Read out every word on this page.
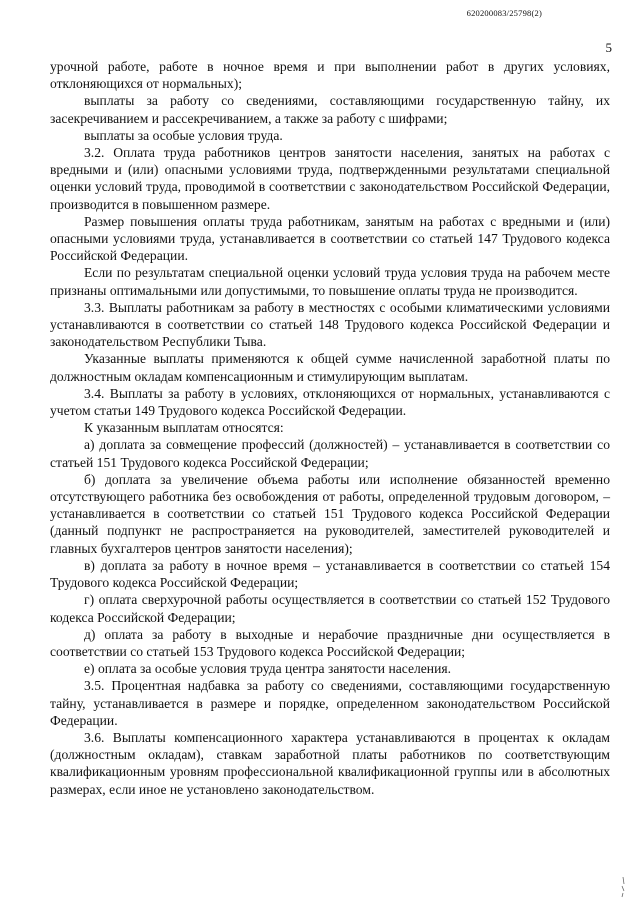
620200083/25798(2)
5

урочной работе, работе в ночное время и при выполнении работ в других условиях, отклоняющихся от нормальных);

выплаты за работу со сведениями, составляющими государственную тайну, их засекречиванием и рассекречиванием, а также за работу с шифрами;

выплаты за особые условия труда.

3.2. Оплата труда работников центров занятости населения, занятых на работах с вредными и (или) опасными условиями труда, подтвержденными результатами специальной оценки условий труда, проводимой в соответствии с законодательством Российской Федерации, производится в повышенном размере.

Размер повышения оплаты труда работникам, занятым на работах с вредными и (или) опасными условиями труда, устанавливается в соответствии со статьей 147 Трудового кодекса Российской Федерации.

Если по результатам специальной оценки условий труда условия труда на рабочем месте признаны оптимальными или допустимыми, то повышение оплаты труда не производится.

3.3. Выплаты работникам за работу в местностях с особыми климатическими условиями устанавливаются в соответствии со статьей 148 Трудового кодекса Российской Федерации и законодательством Республики Тыва.

Указанные выплаты применяются к общей сумме начисленной заработной платы по должностным окладам компенсационным и стимулирующим выплатам.

3.4. Выплаты за работу в условиях, отклоняющихся от нормальных, устанавливаются с учетом статьи 149 Трудового кодекса Российской Федерации.

К указанным выплатам относятся:

а) доплата за совмещение профессий (должностей) – устанавливается в соответствии со статьей 151 Трудового кодекса Российской Федерации;

б) доплата за увеличение объема работы или исполнение обязанностей временно отсутствующего работника без освобождения от работы, определенной трудовым договором, – устанавливается в соответствии со статьей 151 Трудового кодекса Российской Федерации (данный подпункт не распространяется на руководителей, заместителей руководителей и главных бухгалтеров центров занятости населения);

в) доплата за работу в ночное время – устанавливается в соответствии со статьей 154 Трудового кодекса Российской Федерации;

г) оплата сверхурочной работы осуществляется в соответствии со статьей 152 Трудового кодекса Российской Федерации;

д) оплата за работу в выходные и нерабочие праздничные дни осуществляется в соответствии со статьей 153 Трудового кодекса Российской Федерации;

е) оплата за особые условия труда центра занятости населения.

3.5. Процентная надбавка за работу со сведениями, составляющими государственную тайну, устанавливается в размере и порядке, определенном законодательством Российской Федерации.

3.6. Выплаты компенсационного характера устанавливаются в процентах к окладам (должностным окладам), ставкам заработной платы работников по соответствующим квалификационным уровням профессиональной квалификационной группы или в абсолютных размерах, если иное не установлено законодательством.
